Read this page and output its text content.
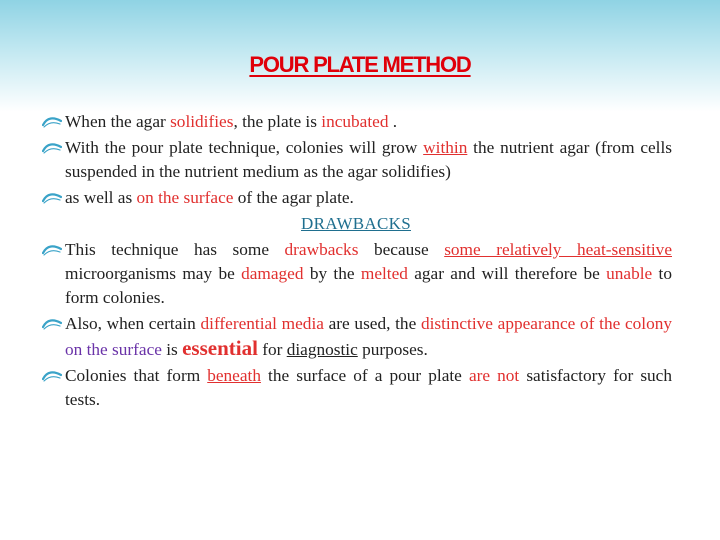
POUR PLATE METHOD
When the agar solidifies, the plate is incubated .
With the pour plate technique, colonies will grow within the nutrient agar (from cells suspended in the nutrient medium as the agar solidifies)
as well as on the surface of the agar plate.
DRAWBACKS
This technique has some drawbacks because some relatively heat-sensitive microorganisms may be damaged by the melted agar and will therefore be unable to form colonies.
Also, when certain differential media are used, the distinctive appearance of the colony on the surface is essential for diagnostic purposes.
Colonies that form beneath the surface of a pour plate are not satisfactory for such tests.
